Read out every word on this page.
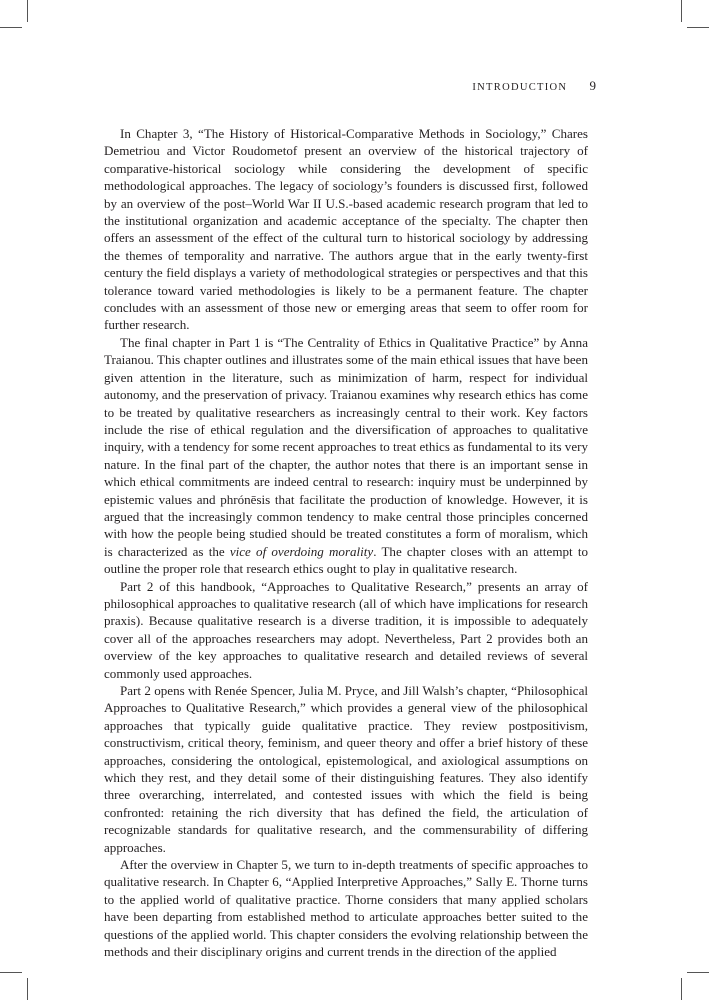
INTRODUCTION 9

In Chapter 3, “The History of Historical-Comparative Methods in Sociology,” Chares Demetriou and Victor Roudometof present an overview of the historical trajectory of comparative-historical sociology while considering the development of specific methodological approaches. The legacy of sociology’s founders is discussed first, followed by an overview of the post–World War II U.S.-based academic research program that led to the institutional organization and academic acceptance of the specialty. The chapter then offers an assessment of the effect of the cultural turn to historical sociology by addressing the themes of temporality and narrative. The authors argue that in the early twenty-first century the field displays a variety of methodological strategies or perspectives and that this tolerance toward varied methodologies is likely to be a permanent feature. The chapter concludes with an assessment of those new or emerging areas that seem to offer room for further research.

The final chapter in Part 1 is “The Centrality of Ethics in Qualitative Practice” by Anna Traianou. This chapter outlines and illustrates some of the main ethical issues that have been given attention in the literature, such as minimization of harm, respect for individual autonomy, and the preservation of privacy. Traianou examines why research ethics has come to be treated by qualitative researchers as increasingly central to their work. Key factors include the rise of ethical regulation and the diversification of approaches to qualitative inquiry, with a tendency for some recent approaches to treat ethics as fundamental to its very nature. In the final part of the chapter, the author notes that there is an important sense in which ethical commitments are indeed central to research: inquiry must be underpinned by epistemic values and phrónēsis that facilitate the production of knowledge. However, it is argued that the increasingly common tendency to make central those principles concerned with how the people being studied should be treated constitutes a form of moralism, which is characterized as the vice of overdoing morality. The chapter closes with an attempt to outline the proper role that research ethics ought to play in qualitative research.

Part 2 of this handbook, “Approaches to Qualitative Research,” presents an array of philosophical approaches to qualitative research (all of which have implications for research praxis). Because qualitative research is a diverse tradition, it is impossible to adequately cover all of the approaches researchers may adopt. Nevertheless, Part 2 provides both an overview of the key approaches to qualitative research and detailed reviews of several commonly used approaches.

Part 2 opens with Renée Spencer, Julia M. Pryce, and Jill Walsh’s chapter, “Philosophical Approaches to Qualitative Research,” which provides a general view of the philosophical approaches that typically guide qualitative practice. They review postpositivism, constructivism, critical theory, feminism, and queer theory and offer a brief history of these approaches, considering the ontological, epistemological, and axiological assumptions on which they rest, and they detail some of their distinguishing features. They also identify three overarching, interrelated, and contested issues with which the field is being confronted: retaining the rich diversity that has defined the field, the articulation of recognizable standards for qualitative research, and the commensurability of differing approaches.

After the overview in Chapter 5, we turn to in-depth treatments of specific approaches to qualitative research. In Chapter 6, “Applied Interpretive Approaches,” Sally E. Thorne turns to the applied world of qualitative practice. Thorne considers that many applied scholars have been departing from established method to articulate approaches better suited to the questions of the applied world. This chapter considers the evolving relationship between the methods and their disciplinary origins and current trends in the direction of the applied
